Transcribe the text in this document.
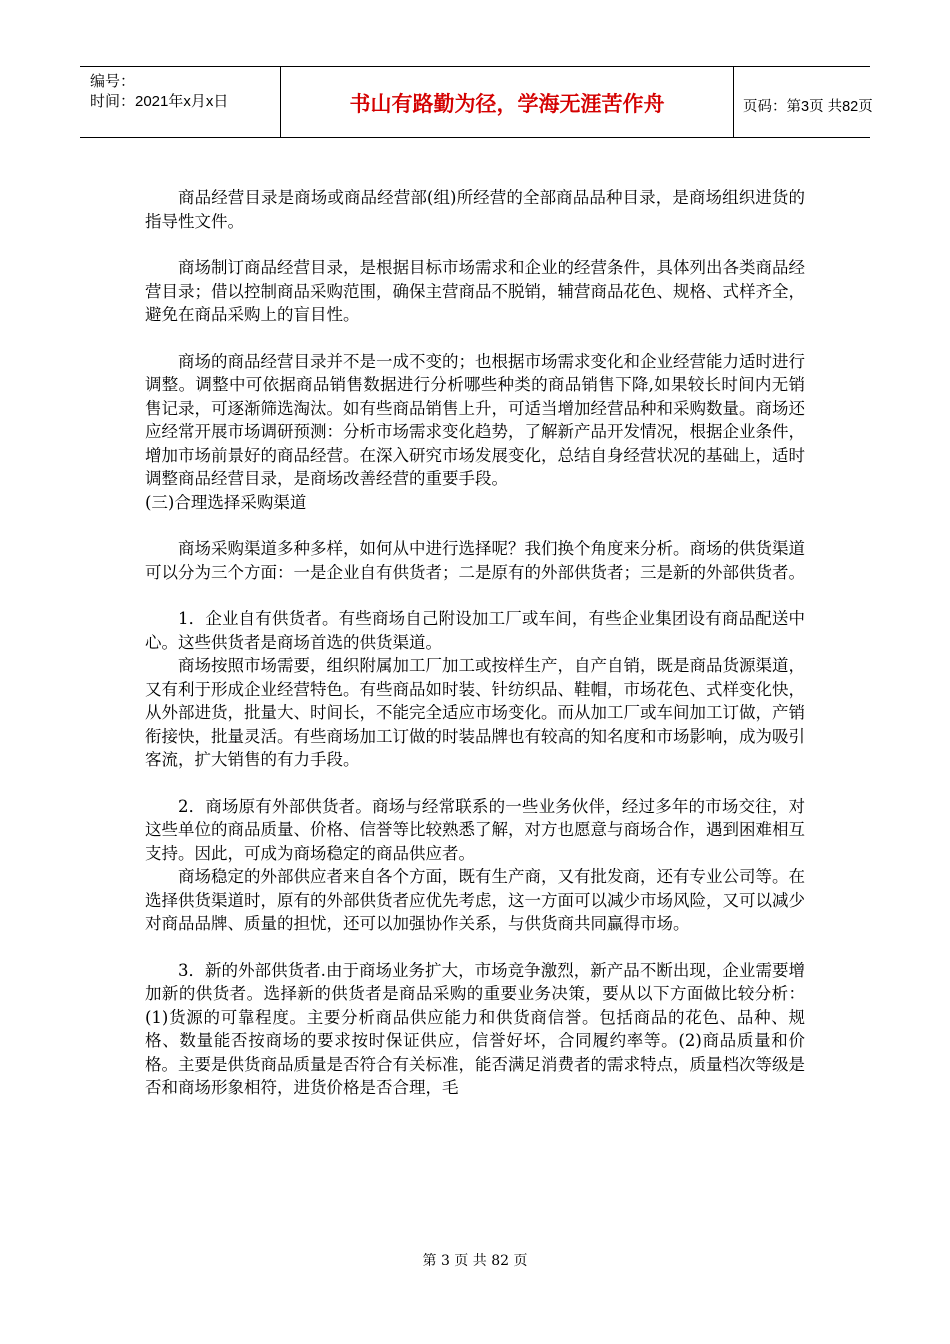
编号：
时间：2021年x月x日	书山有路勤为径，学海无涯苦作舟	页码：第3页 共82页

商品经营目录是商场或商品经营部(组)所经营的全部商品品种目录，是商场组织进货的指导性文件。

商场制订商品经营目录，是根据目标市场需求和企业的经营条件，具体列出各类商品经营目录；借以控制商品采购范围，确保主营商品不脱销，辅营商品花色、规格、式样齐全，避免在商品采购上的盲目性。

商场的商品经营目录并不是一成不变的；也根据市场需求变化和企业经营能力适时进行调整。调整中可依据商品销售数据进行分析哪些种类的商品销售下降,如果较长时间内无销售记录，可逐渐筛选淘汰。如有些商品销售上升，可适当增加经营品种和采购数量。商场还应经常开展市场调研预测：分析市场需求变化趋势，了解新产品开发情况，根据企业条件，增加市场前景好的商品经营。在深入研究市场发展变化，总结自身经营状况的基础上，适时调整商品经营目录，是商场改善经营的重要手段。

(三)合理选择采购渠道

商场采购渠道多种多样，如何从中进行选择呢？我们换个角度来分析。商场的供货渠道可以分为三个方面：一是企业自有供货者；二是原有的外部供货者；三是新的外部供货者。

1．企业自有供货者。有些商场自己附设加工厂或车间，有些企业集团设有商品配送中心。这些供货者是商场首选的供货渠道。

商场按照市场需要，组织附属加工厂加工或按样生产，自产自销，既是商品货源渠道，又有利于形成企业经营特色。有些商品如时装、针纺织品、鞋帽，市场花色、式样变化快，从外部进货，批量大、时间长，不能完全适应市场变化。而从加工厂或车间加工订做，产销衔接快，批量灵活。有些商场加工订做的时装品牌也有较高的知名度和市场影响，成为吸引客流，扩大销售的有力手段。

2．商场原有外部供货者。商场与经常联系的一些业务伙伴，经过多年的市场交往，对这些单位的商品质量、价格、信誉等比较熟悉了解，对方也愿意与商场合作，遇到困难相互支持。因此，可成为商场稳定的商品供应者。

商场稳定的外部供应者来自各个方面，既有生产商，又有批发商，还有专业公司等。在选择供货渠道时，原有的外部供货者应优先考虑，这一方面可以减少市场风险，又可以减少对商品品牌、质量的担忧，还可以加强协作关系，与供货商共同赢得市场。

3．新的外部供货者.由于商场业务扩大，市场竞争激烈，新产品不断出现，企业需要增加新的供货者。选择新的供货者是商品采购的重要业务决策，要从以下方面做比较分析：(1)货源的可靠程度。主要分析商品供应能力和供货商信誉。包括商品的花色、品种、规格、数量能否按商场的要求按时保证供应，信誉好坏，合同履约率等。(2)商品质量和价格。主要是供货商品质量是否符合有关标准，能否满足消费者的需求特点，质量档次等级是否和商场形象相符，进货价格是否合理，毛

第 3 页 共 82 页
